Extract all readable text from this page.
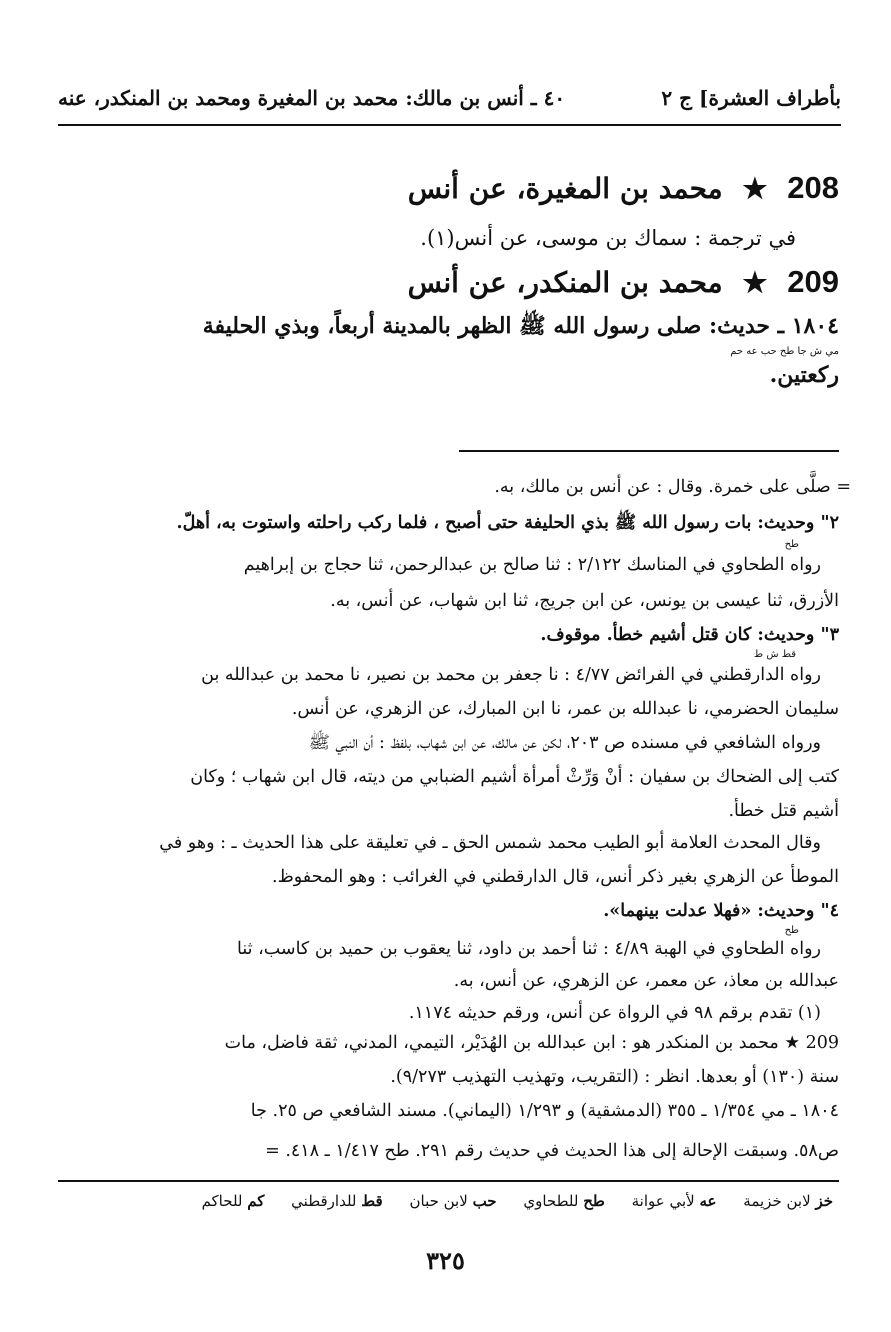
بأطراف العشرة] ج ٢
٤٠ ـ أنس بن مالك: محمد بن المغيرة ومحمد بن المنكدر، عنه
208 ★ محمد بن المغيرة، عن أنس
في ترجمة : سماك بن موسى، عن أنس(١).
209 ★ محمد بن المنكدر، عن أنس
١٨٠٤ ـ حديث: صلى رسول الله ﷺ الظهر بالمدينة أربعاً، وبذي الحليفة
مي ش جا طح حب عه حم
ركعتين.
= صلَّى على خمرة. وقال : عن أنس بن مالك، به.
٢" وحديث: بات رسول الله ﷺ بذي الحليفة حتى أصبح ، فلما ركب راحلته واستوت به، أهلّ.
طح
رواه الطحاوي في المناسك ٢/١٢٢ : ثنا صالح بن عبدالرحمن، ثنا حجاج بن إبراهيم
الأزرق، ثنا عيسى بن يونس، عن ابن جريج، ثنا ابن شهاب، عن أنس، به.
٣" وحديث: كان قتل أشيم خطأ. موقوف.
قط ش ط
رواه الدارقطني في الفرائض ٤/٧٧ : نا جعفر بن محمد بن نصير، نا محمد بن عبدالله بن
سليمان الحضرمي، نا عبدالله بن عمر، نا ابن المبارك، عن الزهري، عن أنس.
ورواه الشافعي في مسنده ص ٢٠٣، لكن عن مالك، عن ابن شهاب، بلفظ : أن النبي ﷺ
كتب إلى الضحاك بن سفيان : أنْ وَرِّثْ أمرأة أشيم الضبابي من ديته، قال ابن شهاب ؛ وكان
أشيم قتل خطأ.
وقال المحدث العلامة أبو الطيب محمد شمس الحق ـ في تعليقة على هذا الحديث ـ : وهو في
الموطأ عن الزهري بغير ذكر أنس، قال الدارقطني في الغرائب : وهو المحفوظ.
٤" وحديث: «فهلا عدلت بينهما».
طح
رواه الطحاوي في الهبة ٤/٨٩ : ثنا أحمد بن داود، ثنا يعقوب بن حميد بن كاسب، ثنا
عبدالله بن معاذ، عن معمر، عن الزهري، عن أنس، به.
(١) تقدم برقم ٩٨ في الرواة عن أنس، ورقم حديثه ١١٧٤.
209 ★ محمد بن المنكدر هو : ابن عبدالله بن الهُدَيْر، التيمي، المدني، ثقة فاضل، مات
سنة (١٣٠) أو بعدها. انظر : (التقريب، وتهذيب التهذيب ٩/٢٧٣).
١٨٠٤ ـ مي ١/٣٥٤ ـ ٣٥٥ (الدمشقية) و ١/٢٩٣ (اليماني). مسند الشافعي ص ٢٥. جا
ص٥٨. وسبقت الإحالة إلى هذا الحديث في حديث رقم ٢٩١. طح ١/٤١٧ ـ ٤١٨. =
خز لابن خزيمة عه لأبي عوانة طح للطحاوي حب لابن حبان قط للدارقطني كم للحاكم
٣٢٥
